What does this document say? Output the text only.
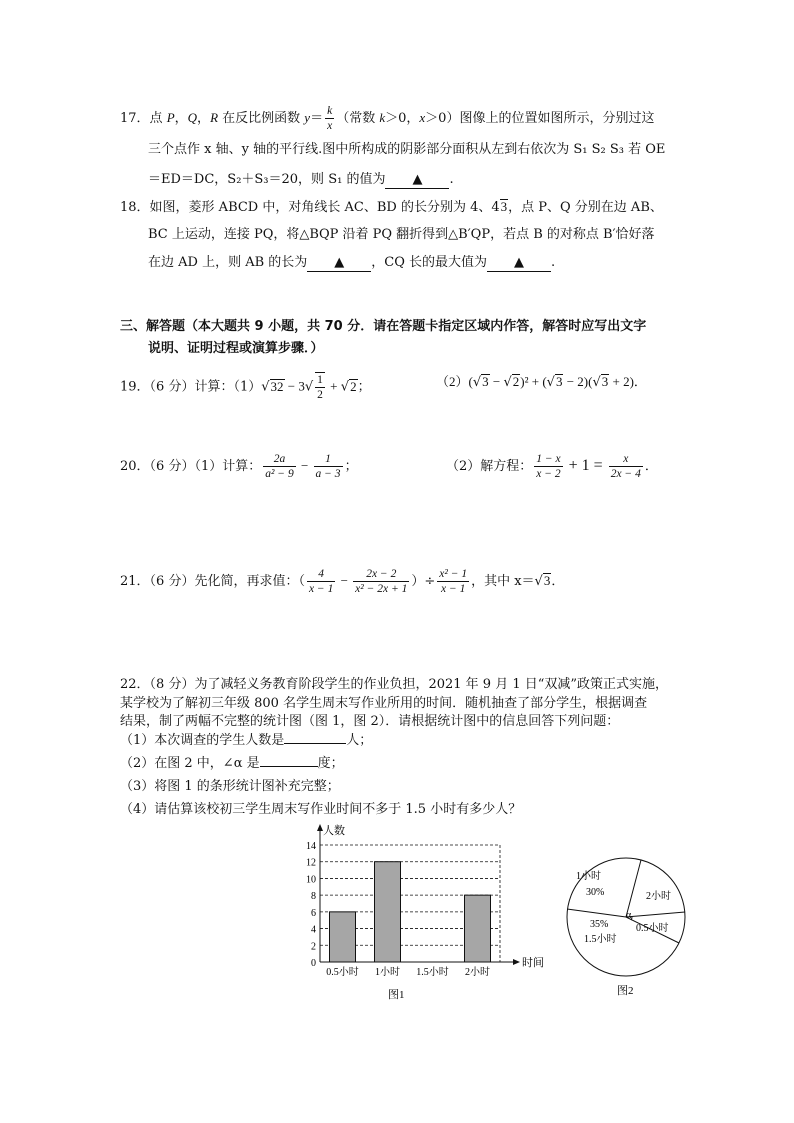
17．点 P，Q，R 在反比例函数 $y= \frac{k}{x}$ （常数 k＞0，x＞0）图像上的位置如图所示，分别过这
三个点作 x 轴、y 轴的平行线.图中所构成的阴影部分面积从左到右依次为 S₁ S₂ S₃ 若 OE
＝ED＝DC，S₂＋S₃＝20，则 S₁ 的值为 ▲ .
18．如图，菱形 ABCD 中，对角线长 AC、BD 的长分别为 4、43，点 P、Q 分别在边 AB、
BC 上运动，连接 PQ，将△BQP 沿着 PQ 翻折得到△B′QP，若点 B 的对称点 B′恰好落
在边 AD 上，则 AB 的长为 ▲ ，CQ 长的最大值为 ▲ .
三、解答题（本大题共 9 小题，共 70 分．请在答题卡指定区域内作答，解答时应写出文字
说明、证明过程或演算步骤．）
19．（6 分）计算：$(1)√32 - 3√ \frac{1}{2} + √2$；	（2）(√3 − √2)² + (√3 − 2)(√3 + 2)．
20．（6 分）（1）计算： $\frac{2a}{\text{a² − 9}} - \frac{1}{a - 3}$ ；	（2）解方程： $\frac{1 - x}{x - 2} + 1 = \frac{x}{2x - 4}$ ．
21．（6 分）先化简，再求值：（ $\frac{4}{x - 1} - \frac{2x - 2}{\text{x² − 2x + 1}}$ ）÷ $\frac{\text{x² − 1}}{x - 1}$ ，其中 x＝√3．
22．（8 分）为了减轻义务教育阶段学生的作业负担，2021 年 9 月 1 日“双减”政策正式实施，
某学校为了解初三年级 800 名学生周末写作业所用的时间．随机抽查了部分学生，根据调查
结果，制了两幅不完整的统计图（图 1，图 2）．请根据统计图中的信息回答下列问题：
（1）本次调查的学生人数是	人；
（2）在图 2 中，∠α 是	度；
（3）将图 1 的条形统计图补充完整；
（4）请估算该校初三学生周末写作业时间不多于 1.5 小时有多少人？
0
2
4
6
8
10
12
14
0.5小时 1小时 1.5小时 2小时
人数
时间
图1
1小时
30%	2小时
α
0.5小时
35%
1.5小时
图2
